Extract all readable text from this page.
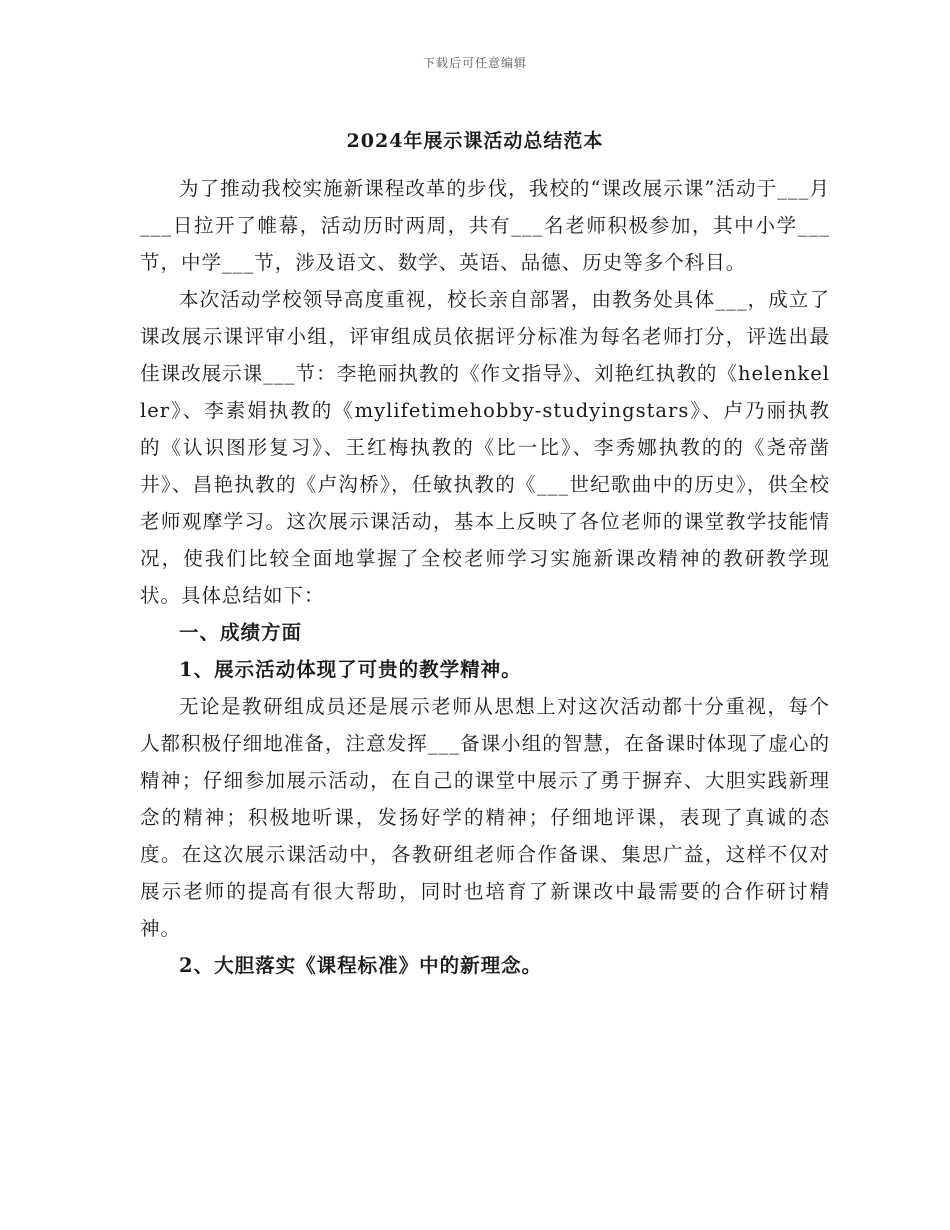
下载后可任意编辑
2024年展示课活动总结范本

为了推动我校实施新课程改革的步伐，我校的“课改展示课”活动于___月___日拉开了帷幕，活动历时两周，共有___名老师积极参加，其中小学___节，中学___节，涉及语文、数学、英语、品德、历史等多个科目。

本次活动学校领导高度重视，校长亲自部署，由教务处具体___，成立了课改展示课评审小组，评审组成员依据评分标准为每名老师打分，评选出最佳课改展示课___节：李艳丽执教的《作文指导》、刘艳红执教的《helenkeller》、李素娟执教的《mylifetimehobby-studyingstars》、卢乃丽执教的《认识图形复习》、王红梅执教的《比一比》、李秀娜执教的的《尧帝凿井》、昌艳执教的《卢沟桥》，任敏执教的《___世纪歌曲中的历史》，供全校老师观摩学习。这次展示课活动，基本上反映了各位老师的课堂教学技能情况，使我们比较全面地掌握了全校老师学习实施新课改精神的教研教学现状。具体总结如下：

一、成绩方面

1、展示活动体现了可贵的教学精神。

无论是教研组成员还是展示老师从思想上对这次活动都十分重视，每个人都积极仔细地准备，注意发挥___备课小组的智慧，在备课时体现了虚心的精神；仔细参加展示活动，在自己的课堂中展示了勇于摒弃、大胆实践新理念的精神；积极地听课，发扬好学的精神；仔细地评课，表现了真诚的态度。在这次展示课活动中，各教研组老师合作备课、集思广益，这样不仅对展示老师的提高有很大帮助，同时也培育了新课改中最需要的合作研讨精神。

2、大胆落实《课程标准》中的新理念。
